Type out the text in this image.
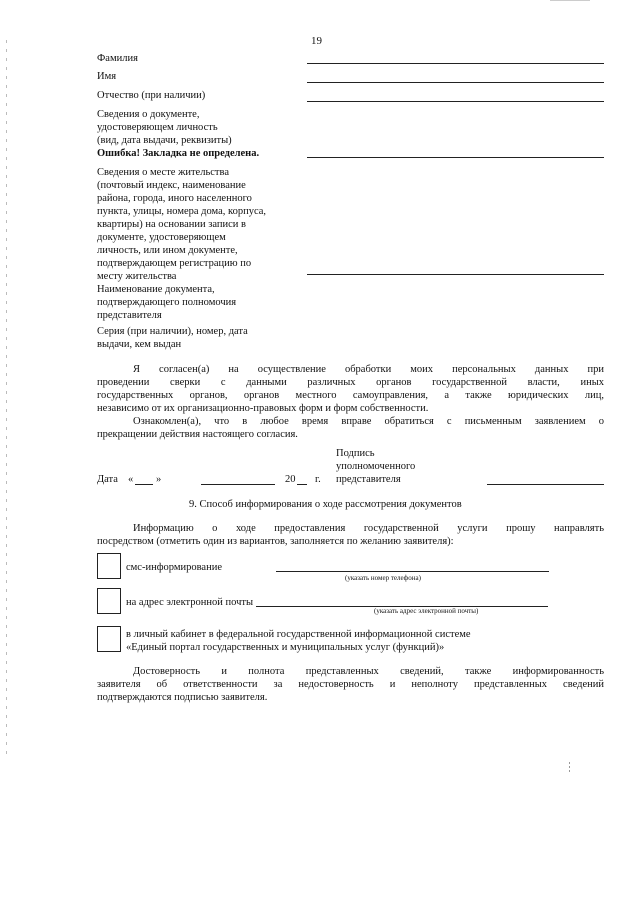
19
Фамилия
Имя
Отчество (при наличии)
Сведения о документе,
удостоверяющем личность
(вид, дата выдачи, реквизиты)
Ошибка! Закладка не определена.
Сведения о месте жительства
(почтовый индекс, наименование
района, города, иного населенного
пункта, улицы, номера дома, корпуса,
квартиры) на основании записи в
документе, удостоверяющем
личность, или ином документе,
подтверждающем регистрацию по
месту жительства
Наименование документа,
подтверждающего полномочия
представителя
Серия (при наличии), номер, дата
выдачи, кем выдан
Я согласен(а) на осуществление обработки моих персональных данных при
проведении сверки с данными различных органов государственной власти, иных
государственных органов, органов местного самоуправления, а также юридических лиц,
независимо от их организационно-правовых форм и форм собственности.
Ознакомлен(а), что в любое время вправе обратиться с письменным заявлением о
прекращении действия настоящего согласия.
Дата « »	20 г.
Подпись
уполномоченного
представителя
9. Способ информирования о ходе рассмотрения документов
Информацию о ходе предоставления государственной услуги прошу направлять
посредством (отметить один из вариантов, заполняется по желанию заявителя):
смс-информирование
(указать номер телефона)
на адрес электронной почты
(указать адрес электронной почты)
в личный кабинет в федеральной государственной информационной системе
«Единый портал государственных и муниципальных услуг (функций)»
Достоверность и полнота представленных сведений, также информированность
заявителя об ответственности за недостоверность и неполноту представленных сведений
подтверждаются подписью заявителя.
